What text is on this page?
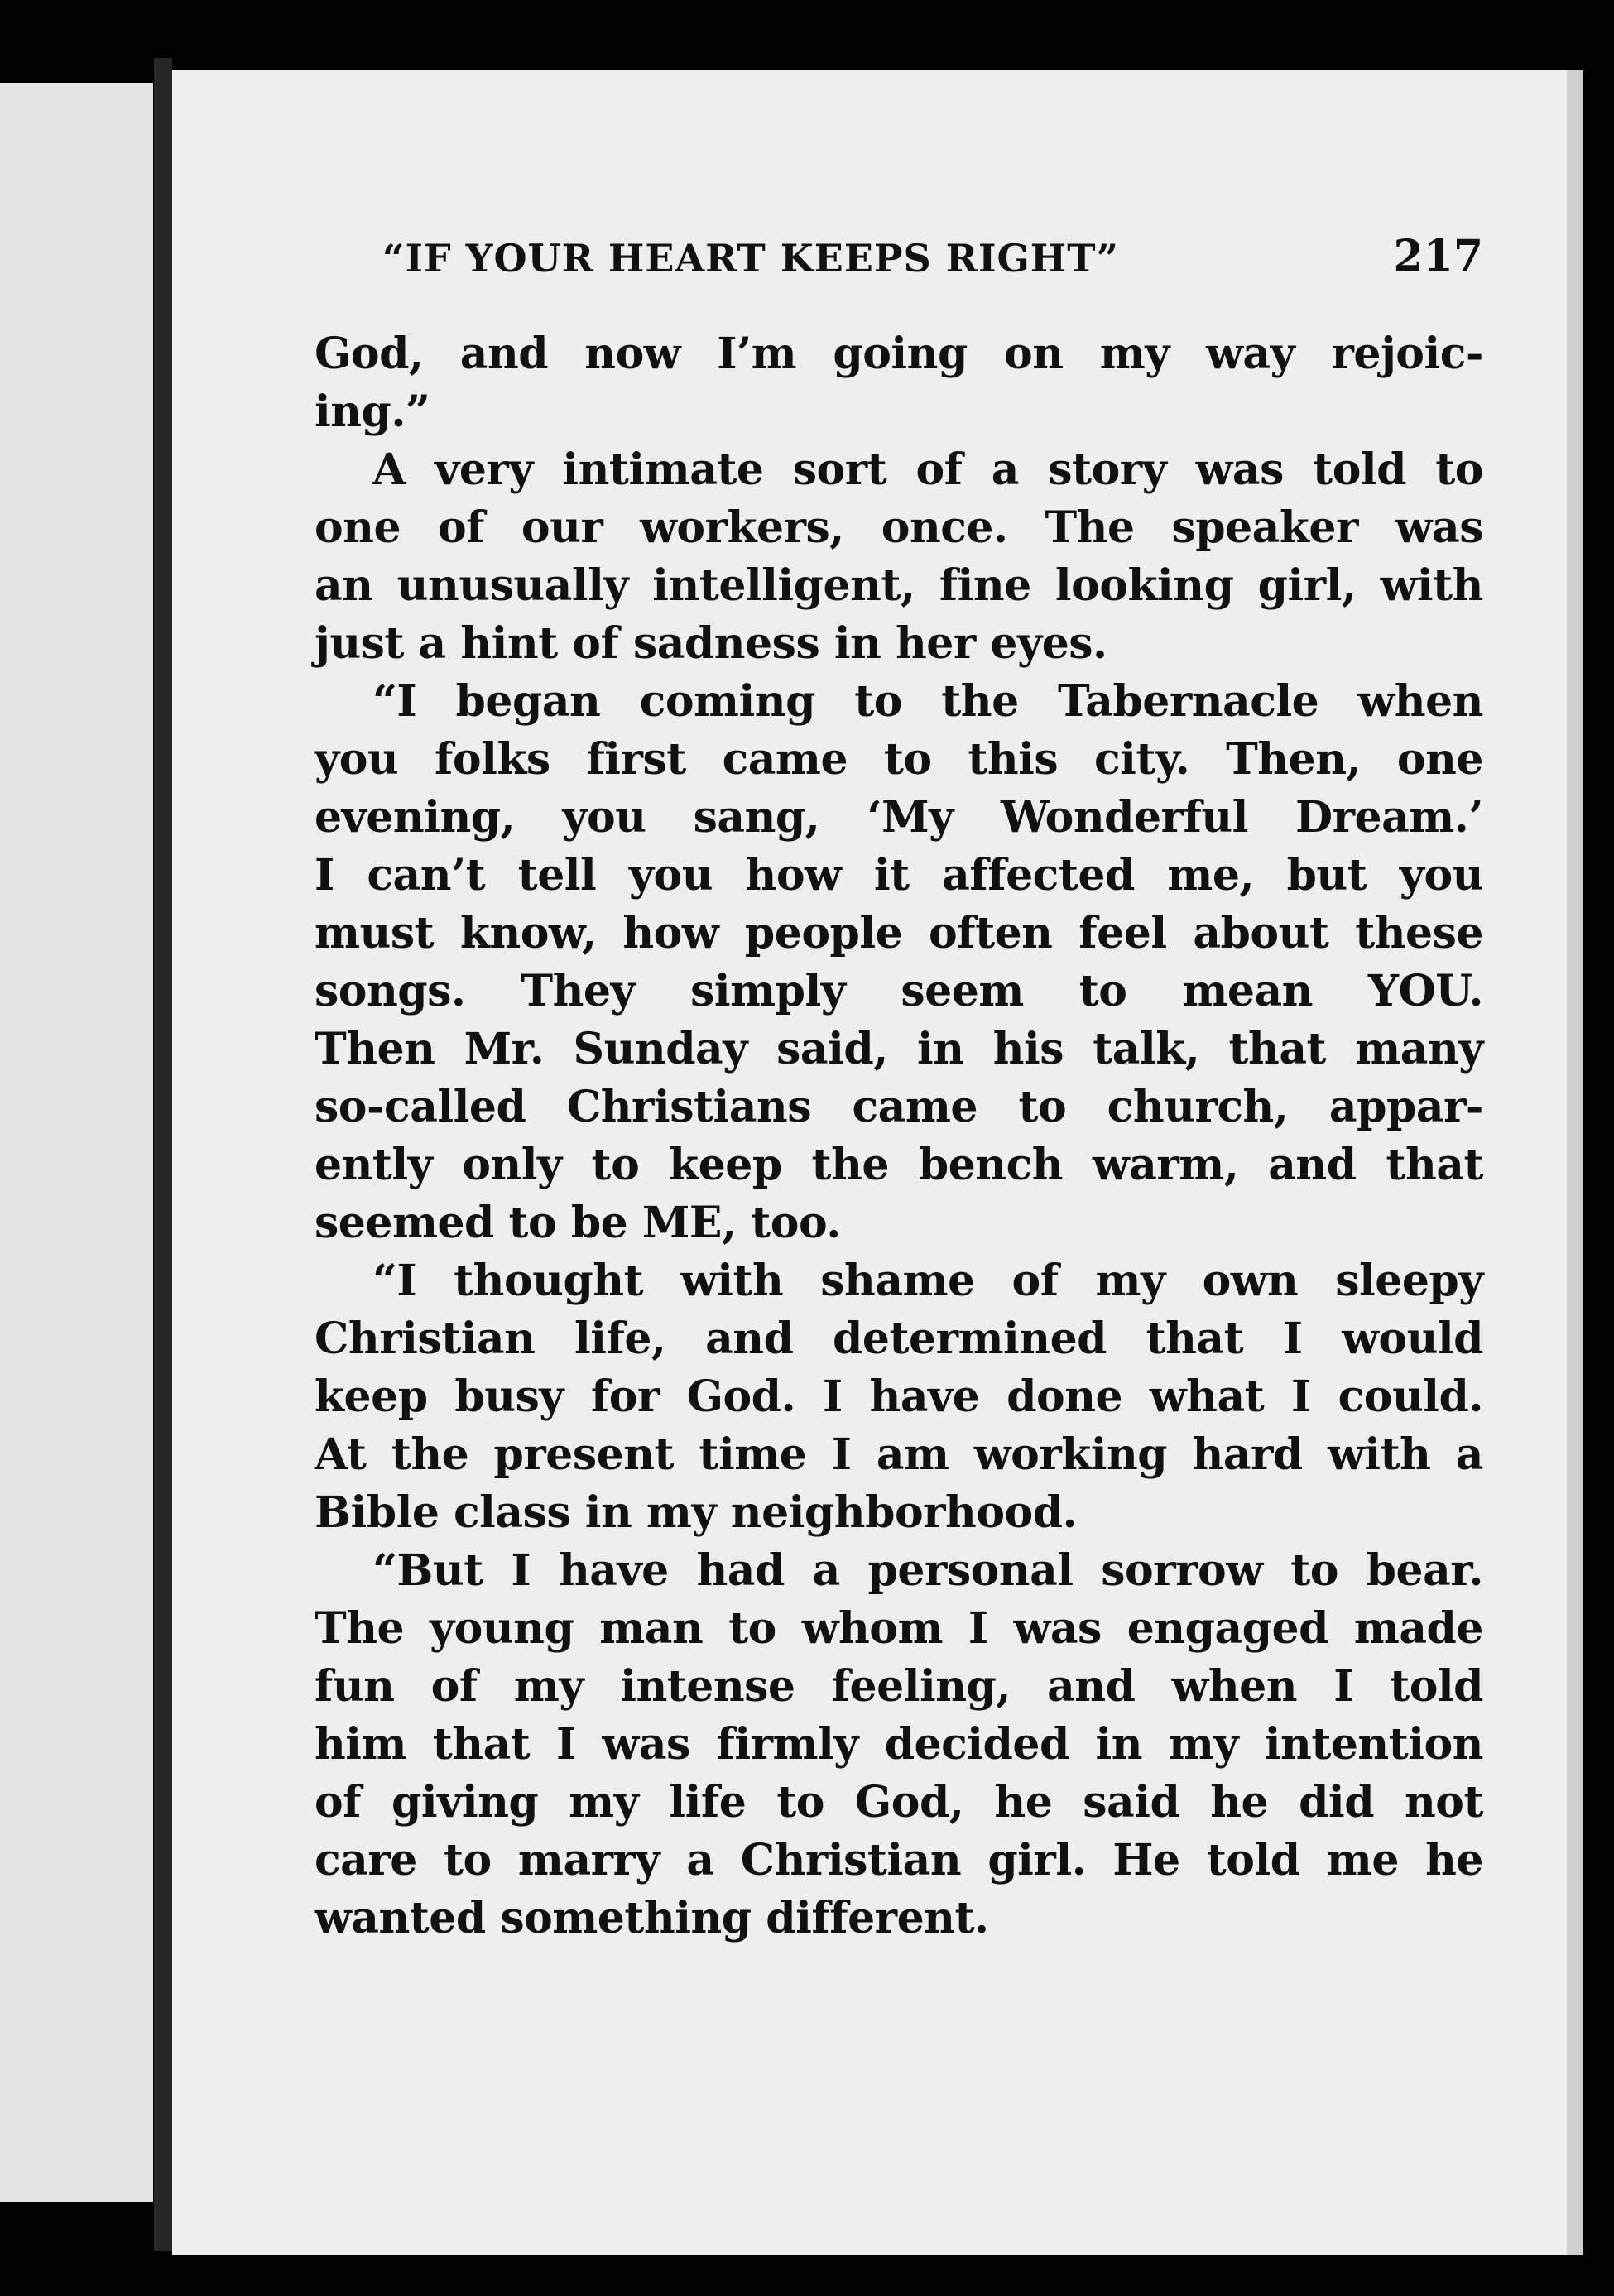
“IF YOUR HEART KEEPS RIGHT”	217
God, and now I’m going on my way rejoic-
ing.”
A very intimate sort of a story was told to
one of our workers, once. The speaker was
an unusually intelligent, fine looking girl, with
just a hint of sadness in her eyes.
“I began coming to the Tabernacle when
you folks first came to this city. Then, one
evening, you sang, ‘My Wonderful Dream.’
I can’t tell you how it affected me, but you
must know, how people often feel about these
songs. They simply seem to mean YOU.
Then Mr. Sunday said, in his talk, that many
so-called Christians came to church, appar-
ently only to keep the bench warm, and that
seemed to be ME, too.
“I thought with shame of my own sleepy
Christian life, and determined that I would
keep busy for God. I have done what I could.
At the present time I am working hard with a
Bible class in my neighborhood.
“But I have had a personal sorrow to bear.
The young man to whom I was engaged made
fun of my intense feeling, and when I told
him that I was firmly decided in my intention
of giving my life to God, he said he did not
care to marry a Christian girl. He told me he
wanted something different.
